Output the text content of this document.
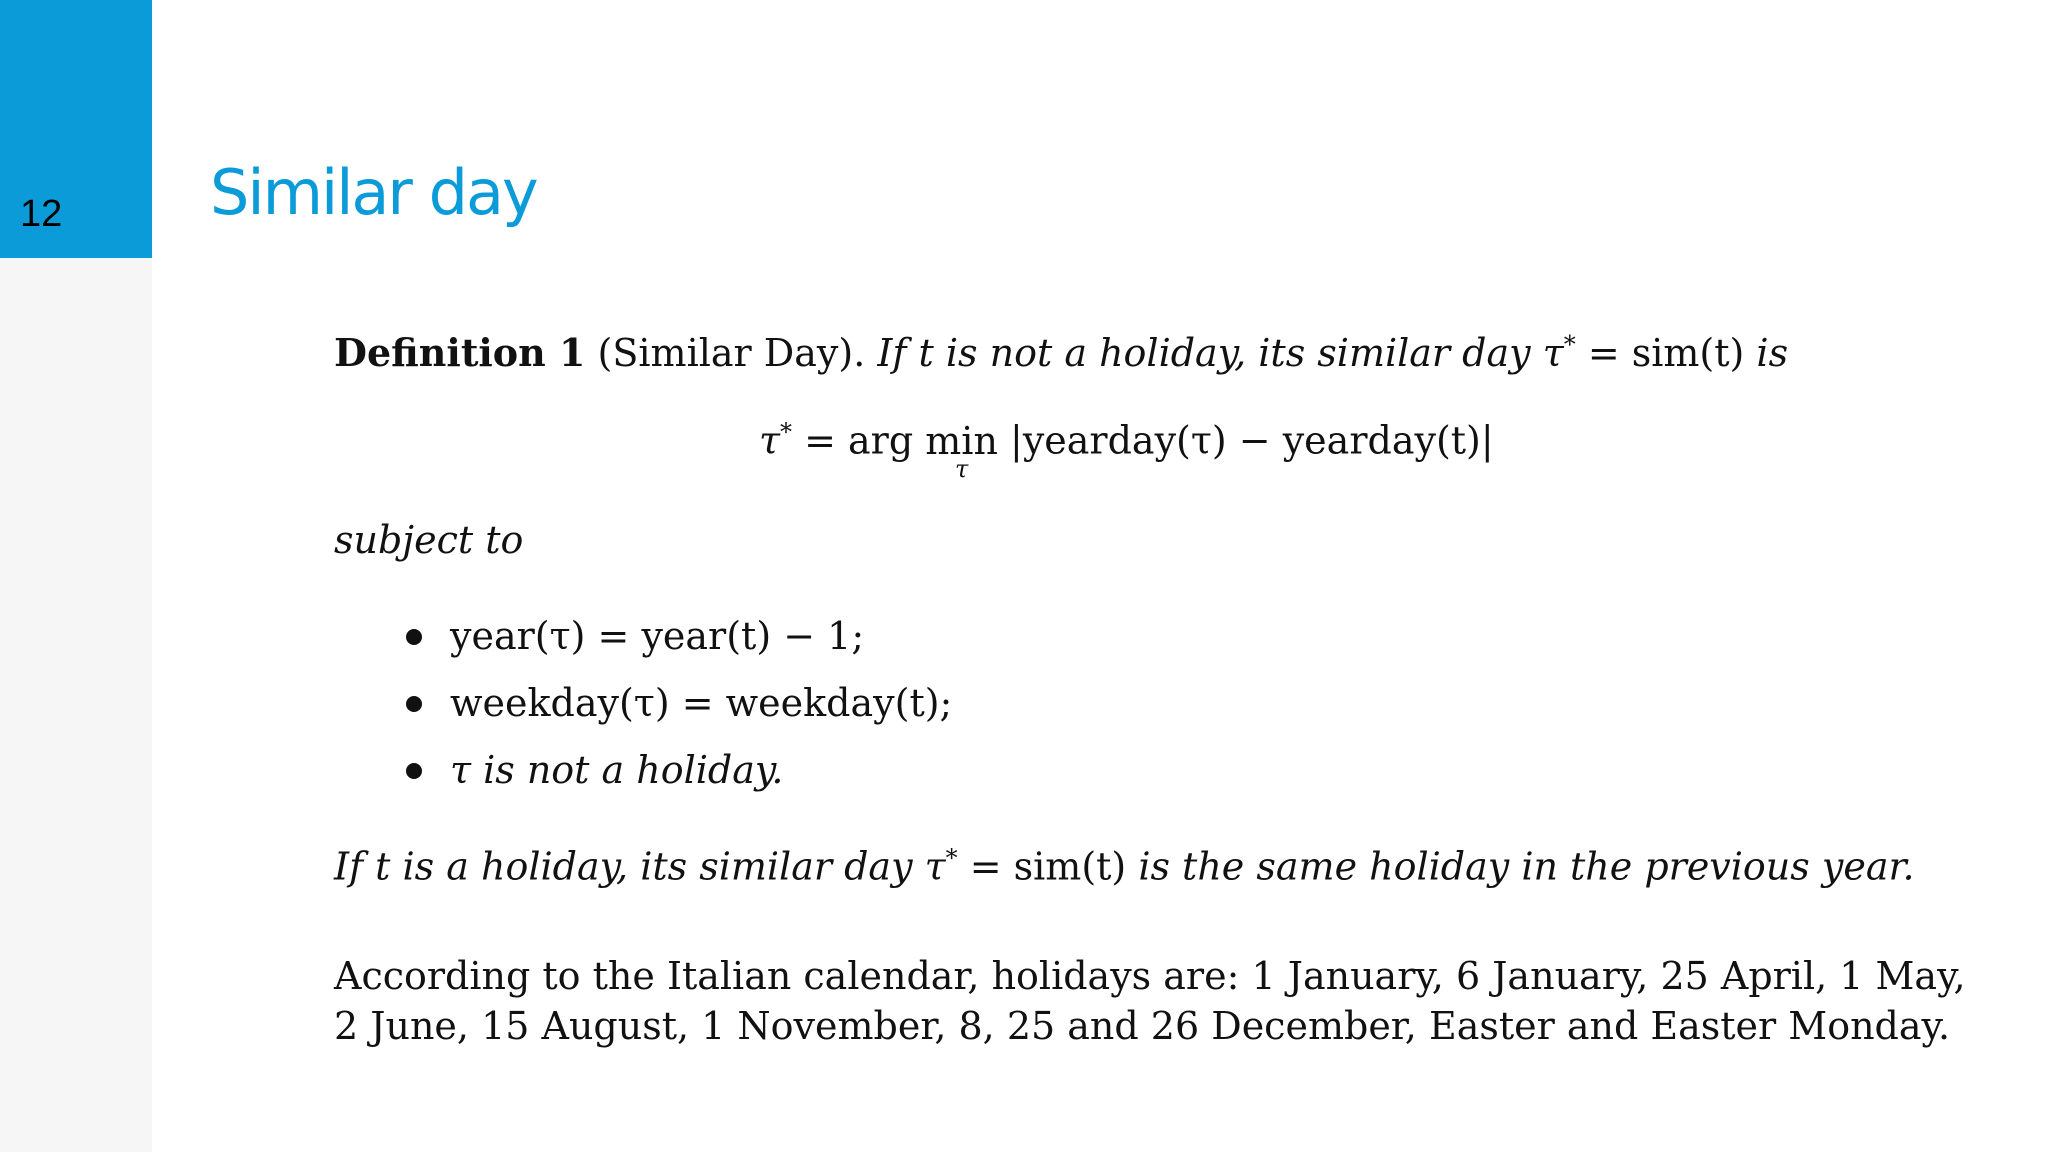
12 Similar day
Definition 1 (Similar Day). If t is not a holiday, its similar day τ* = sim(t) is
τ* = arg min
τ
|yearday(τ) − yearday(t)|
subject to
year(τ) = year(t) − 1;
weekday(τ) = weekday(t);
τ is not a holiday.
If t is a holiday, its similar day τ* = sim(t) is the same holiday in the previous year.
According to the Italian calendar, holidays are: 1 January, 6 January, 25 April, 1 May,
2 June, 15 August, 1 November, 8, 25 and 26 December, Easter and Easter Monday.
